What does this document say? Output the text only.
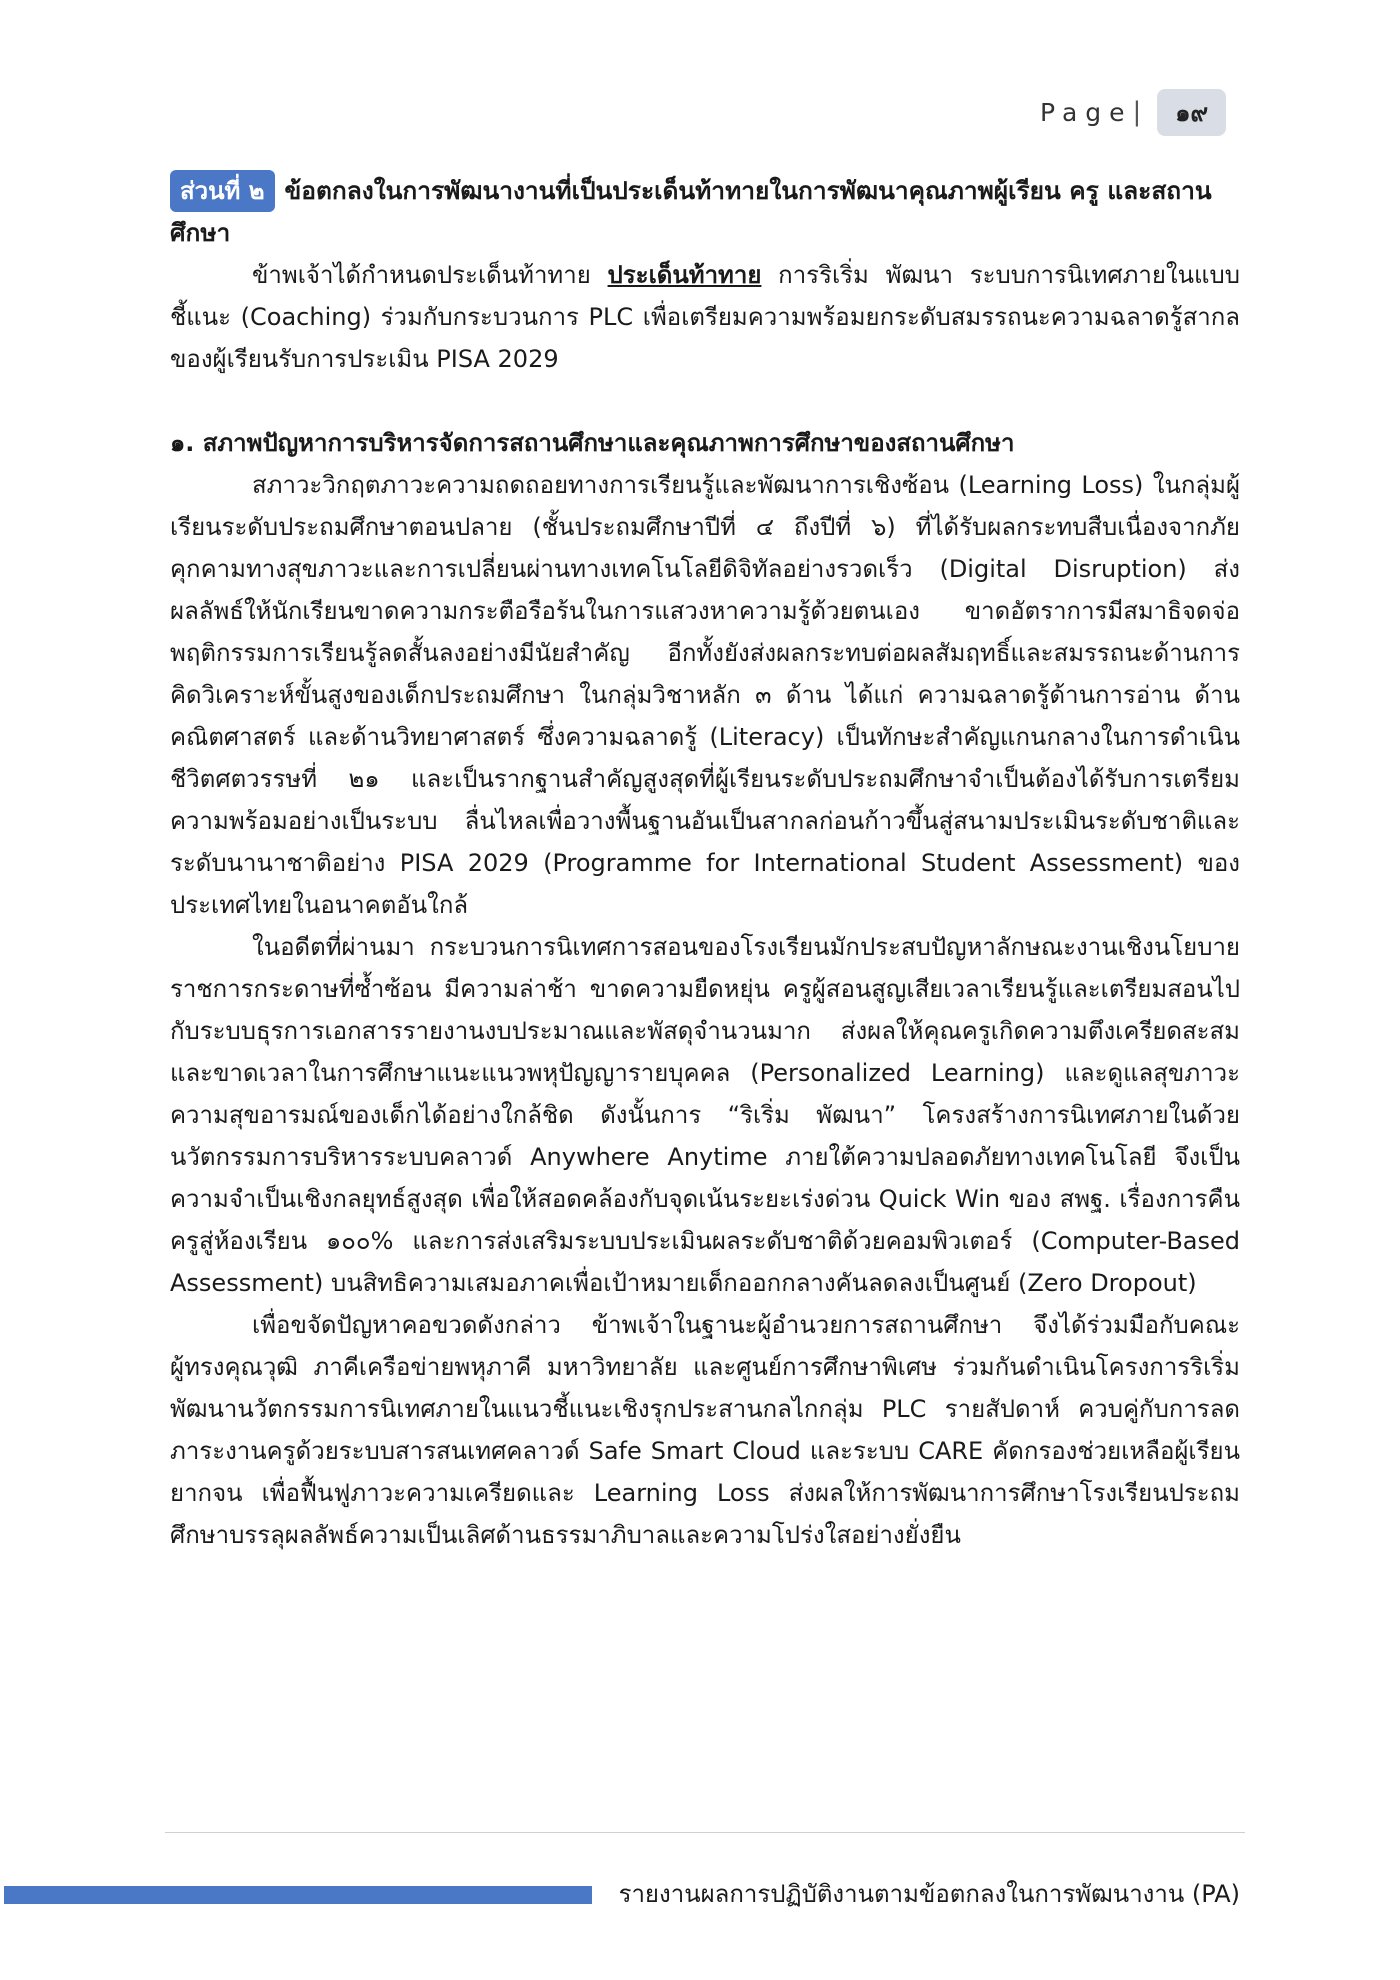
Page |	๑๙
ส่วนที่ ๒ ข้อตกลงในการพัฒนางานที่เป็นประเด็นท้าทายในการพัฒนาคุณภาพผู้เรียน ครู และสถานศึกษา

ข้าพเจ้าได้กำหนดประเด็นท้าทาย ประเด็นท้าทาย การริเริ่ม พัฒนา ระบบการนิเทศภายในแบบชี้แนะ (Coaching) ร่วมกับกระบวนการ PLC เพื่อเตรียมความพร้อมยกระดับสมรรถนะความฉลาดรู้สากลของผู้เรียนรับการประเมิน PISA 2029

๑. สภาพปัญหาการบริหารจัดการสถานศึกษาและคุณภาพการศึกษาของสถานศึกษา

สภาวะวิกฤตภาวะความถดถอยทางการเรียนรู้และพัฒนาการเชิงซ้อน (Learning Loss) ในกลุ่มผู้เรียนระดับประถมศึกษาตอนปลาย (ชั้นประถมศึกษาปีที่ ๔ ถึงปีที่ ๖) ที่ได้รับผลกระทบสืบเนื่องจากภัยคุกคามทางสุขภาวะและการเปลี่ยนผ่านทางเทคโนโลยีดิจิทัลอย่างรวดเร็ว (Digital Disruption) ส่งผลลัพธ์ให้นักเรียนขาดความกระตือรือร้นในการแสวงหาความรู้ด้วยตนเอง ขาดอัตราการมีสมาธิจดจ่อพฤติกรรมการเรียนรู้ลดสั้นลงอย่างมีนัยสำคัญ อีกทั้งยังส่งผลกระทบต่อผลสัมฤทธิ์และสมรรถนะด้านการคิดวิเคราะห์ขั้นสูงของเด็กประถมศึกษา ในกลุ่มวิชาหลัก ๓ ด้าน ได้แก่ ความฉลาดรู้ด้านการอ่าน ด้านคณิตศาสตร์ และด้านวิทยาศาสตร์ ซึ่งความฉลาดรู้ (Literacy) เป็นทักษะสำคัญแกนกลางในการดำเนินชีวิตศตวรรษที่ ๒๑ และเป็นรากฐานสำคัญสูงสุดที่ผู้เรียนระดับประถมศึกษาจำเป็นต้องได้รับการเตรียมความพร้อมอย่างเป็นระบบ ลื่นไหลเพื่อวางพื้นฐานอันเป็นสากลก่อนก้าวขึ้นสู่สนามประเมินระดับชาติและระดับนานาชาติอย่าง PISA 2029 (Programme for International Student Assessment) ของประเทศไทยในอนาคตอันใกล้

ในอดีตที่ผ่านมา กระบวนการนิเทศการสอนของโรงเรียนมักประสบปัญหาลักษณะงานเชิงนโยบายราชการกระดาษที่ซ้ำซ้อน มีความล่าช้า ขาดความยืดหยุ่น ครูผู้สอนสูญเสียเวลาเรียนรู้และเตรียมสอนไปกับระบบธุรการเอกสารรายงานงบประมาณและพัสดุจำนวนมาก ส่งผลให้คุณครูเกิดความตึงเครียดสะสม และขาดเวลาในการศึกษาแนะแนวพหุปัญญารายบุคคล (Personalized Learning) และดูแลสุขภาวะความสุขอารมณ์ของเด็กได้อย่างใกล้ชิด ดังนั้นการ “ริเริ่ม พัฒนา” โครงสร้างการนิเทศภายในด้วยนวัตกรรมการบริหารระบบคลาวด์ Anywhere Anytime ภายใต้ความปลอดภัยทางเทคโนโลยี จึงเป็นความจำเป็นเชิงกลยุทธ์สูงสุด เพื่อให้สอดคล้องกับจุดเน้นระยะเร่งด่วน Quick Win ของ สพฐ. เรื่องการคืนครูสู่ห้องเรียน ๑๐๐% และการส่งเสริมระบบประเมินผลระดับชาติด้วยคอมพิวเตอร์ (Computer-Based Assessment) บนสิทธิความเสมอภาคเพื่อเป้าหมายเด็กออกกลางคันลดลงเป็นศูนย์ (Zero Dropout)

เพื่อขจัดปัญหาคอขวดดังกล่าว ข้าพเจ้าในฐานะผู้อำนวยการสถานศึกษา จึงได้ร่วมมือกับคณะผู้ทรงคุณวุฒิ ภาคีเครือข่ายพหุภาคี มหาวิทยาลัย และศูนย์การศึกษาพิเศษ ร่วมกันดำเนินโครงการริเริ่มพัฒนานวัตกรรมการนิเทศภายในแนวชี้แนะเชิงรุกประสานกลไกกลุ่ม PLC รายสัปดาห์ ควบคู่กับการลดภาระงานครูด้วยระบบสารสนเทศคลาวด์ Safe Smart Cloud และระบบ CARE คัดกรองช่วยเหลือผู้เรียนยากจน เพื่อฟื้นฟูภาวะความเครียดและ Learning Loss ส่งผลให้การพัฒนาการศึกษาโรงเรียนประถมศึกษาบรรลุผลลัพธ์ความเป็นเลิศด้านธรรมาภิบาลและความโปร่งใสอย่างยั่งยืน

รายงานผลการปฏิบัติงานตามข้อตกลงในการพัฒนางาน (PA)
